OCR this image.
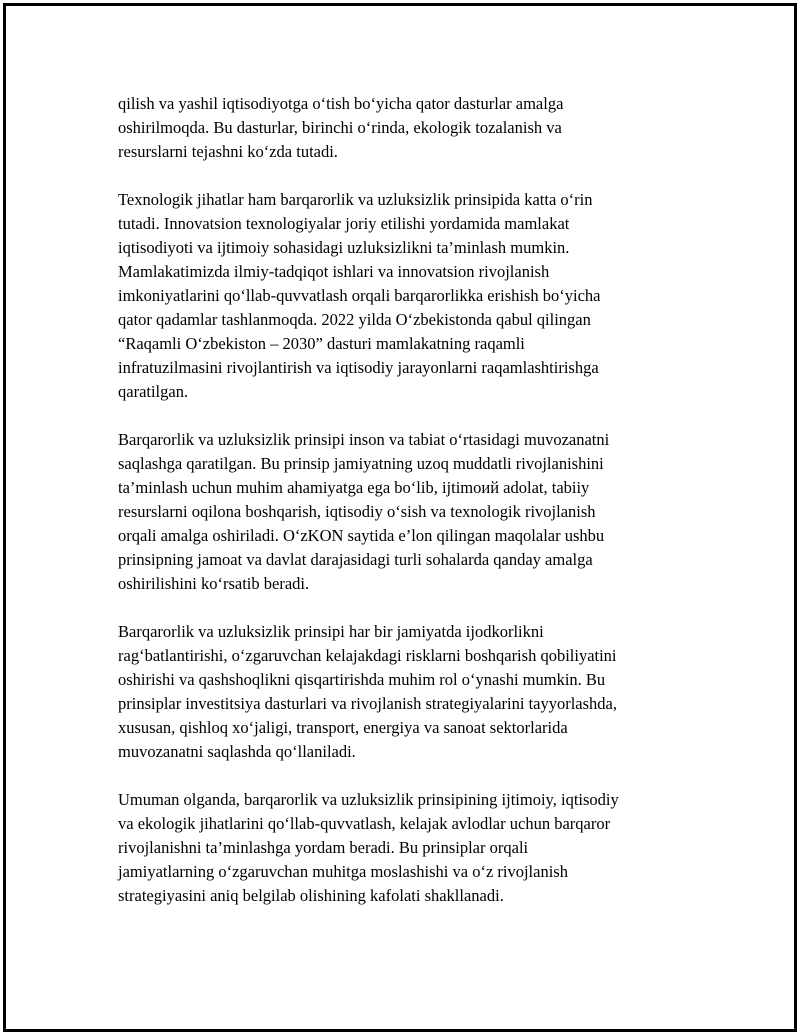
qilish va yashil iqtisodiyotga o‘tish bo‘yicha qator dasturlar amalga
oshirilmoqda. Bu dasturlar, birinchi o‘rinda, ekologik tozalanish va
resurslarni tejashni ko‘zda tutadi.

Texnologik jihatlar ham barqarorlik va uzluksizlik prinsipida katta o‘rin
tutadi. Innovatsion texnologiyalar joriy etilishi yordamida mamlakat
iqtisodiyoti va ijtimoiy sohasidagi uzluksizlikni ta’minlash mumkin.
Mamlakatimizda ilmiy-tadqiqot ishlari va innovatsion rivojlanish
imkoniyatlarini qo‘llab-quvvatlash orqali barqarorlikka erishish bo‘yicha
qator qadamlar tashlanmoqda. 2022 yilda O‘zbekistonda qabul qilingan
“Raqamli O‘zbekiston – 2030” dasturi mamlakatning raqamli
infratuzilmasini rivojlantirish va iqtisodiy jarayonlarni raqamlashtirishga
qaratilgan.

Barqarorlik va uzluksizlik prinsipi inson va tabiat o‘rtasidagi muvozanatni
saqlashga qaratilgan. Bu prinsip jamiyatning uzoq muddatli rivojlanishini
ta’minlash uchun muhim ahamiyatga ega bo‘lib, ijtimoий adolat, tabiiy
resurslarni oqilona boshqarish, iqtisodiy o‘sish va texnologik rivojlanish
orqali amalga oshiriladi. O‘zKON saytida e’lon qilingan maqolalar ushbu
prinsipning jamoat va davlat darajasidagi turli sohalarda qanday amalga
oshirilishini ko‘rsatib beradi.

Barqarorlik va uzluksizlik prinsipi har bir jamiyatda ijodkorlikni
rag‘batlantirishi, o‘zgaruvchan kelajakdagi risklarni boshqarish qobiliyatini
oshirishi va qashshoqlikni qisqartirishda muhim rol o‘ynashi mumkin. Bu
prinsiplar investitsiya dasturlari va rivojlanish strategiyalarini tayyorlashda,
xususan, qishloq xo‘jaligi, transport, energiya va sanoat sektorlarida
muvozanatni saqlashda qo‘llaniladi.

Umuman olganda, barqarorlik va uzluksizlik prinsipining ijtimoiy, iqtisodiy
va ekologik jihatlarini qo‘llab-quvvatlash, kelajak avlodlar uchun barqaror
rivojlanishni ta’minlashga yordam beradi. Bu prinsiplar orqali
jamiyatlarning o‘zgaruvchan muhitga moslashishi va o‘z rivojlanish
strategiyasini aniq belgilab olishining kafolati shakllanadi.
